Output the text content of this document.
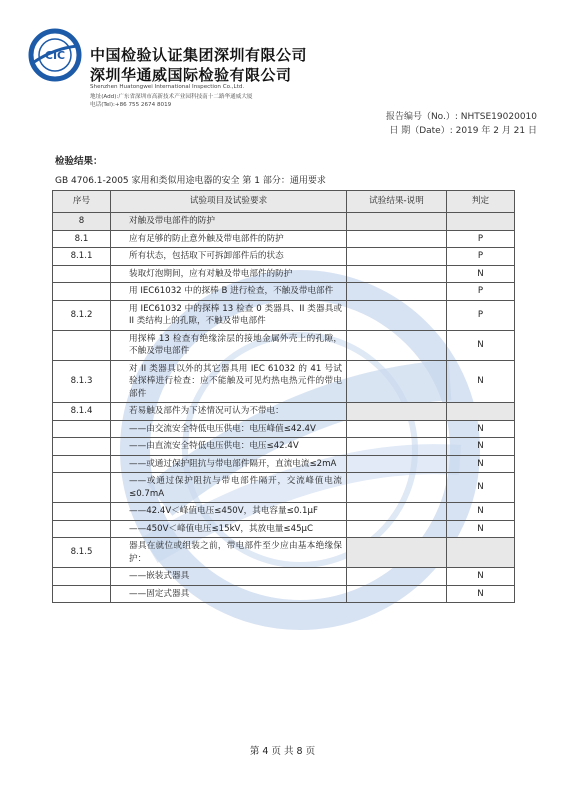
CIC 中国检验认证集团深圳有限公司
深圳华通威国际检验有限公司
Shenzhen Huatongwei International Inspection Co.,Ltd.
地址(Add):广东省深圳市高新技术产业园科技南十二路华通威大厦
电话(Tel):+86 755 2674 8019
报告编号（No.）: NHTSE19020010
日 期（Date）: 2019 年 2 月 21 日
检验结果：
GB 4706.1-2005 家用和类似用途电器的安全 第 1 部分：通用要求
序号	试验项目及试验要求	试验结果-说明	判定
8	对触及带电部件的防护		
8.1	应有足够的防止意外触及带电部件的防护		P
8.1.1	所有状态，包括取下可拆卸部件后的状态		P
	装取灯泡期间，应有对触及带电部件的防护		N
	用 IEC61032 中的探棒 B 进行检查，不触及带电部件		P
8.1.2	用 IEC61032 中的探棒 13 检查 0 类器具、II 类器具或 II 类结构上的孔隙，不触及带电部件		P
	用探棒 13 检查有绝缘涂层的接地金属外壳上的孔隙，不触及带电部件		N
8.1.3	对 II 类器具以外的其它器具用 IEC 61032 的 41 号试验探棒进行检查：应不能触及可见灼热电热元件的带电部件		N
8.1.4	若易触及部件为下述情况可认为不带电：		
	——由交流安全特低电压供电：电压峰值≤42.4V		N
	——由直流安全特低电压供电：电压≤42.4V		N
	——或通过保护阻抗与带电部件隔开，直流电流≤2mA		N
	——或通过保护阻抗与带电部件隔开，交流峰值电流≤0.7mA		N
	——42.4V＜峰值电压≤450V，其电容量≤0.1μF		N
	——450V＜峰值电压≤15kV，其放电量≤45μC		N
8.1.5	器具在就位或组装之前，带电部件至少应由基本绝缘保护：		
	——嵌装式器具		N
	——固定式器具		N
第 4 页 共 8 页
